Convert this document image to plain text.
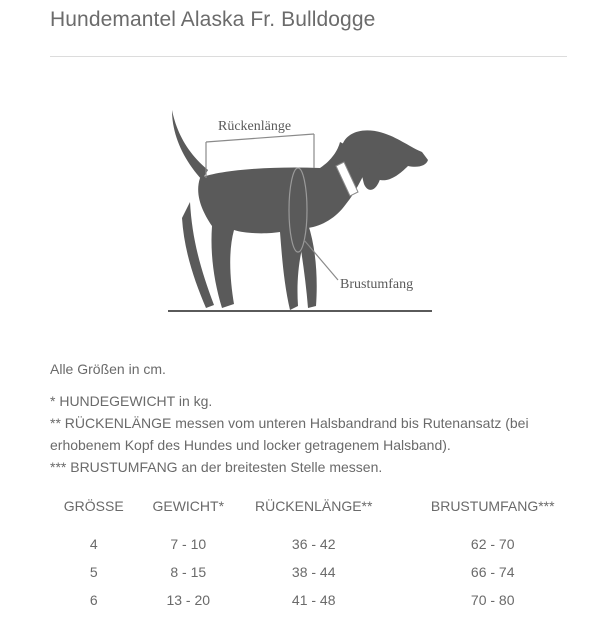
Hundemantel Alaska Fr. Bulldogge
Rückenlänge
Brustumfang

Alle Größen in cm.

* HUNDEGEWICHT in kg.

** RÜCKENLÄNGE messen vom unteren Halsbandrand bis Rutenansatz (bei erhobenem Kopf des Hundes und locker getragenem Halsband).

*** BRUSTUMFANG an der breitesten Stelle messen.

GRÖSSE	GEWICHT*	RÜCKENLÄNGE**	BRUSTUMFANG***

4	7 - 10	36 - 42	62 - 70
5	8 - 15	38 - 44	66 - 74
6	13 - 20	41 - 48	70 - 80
